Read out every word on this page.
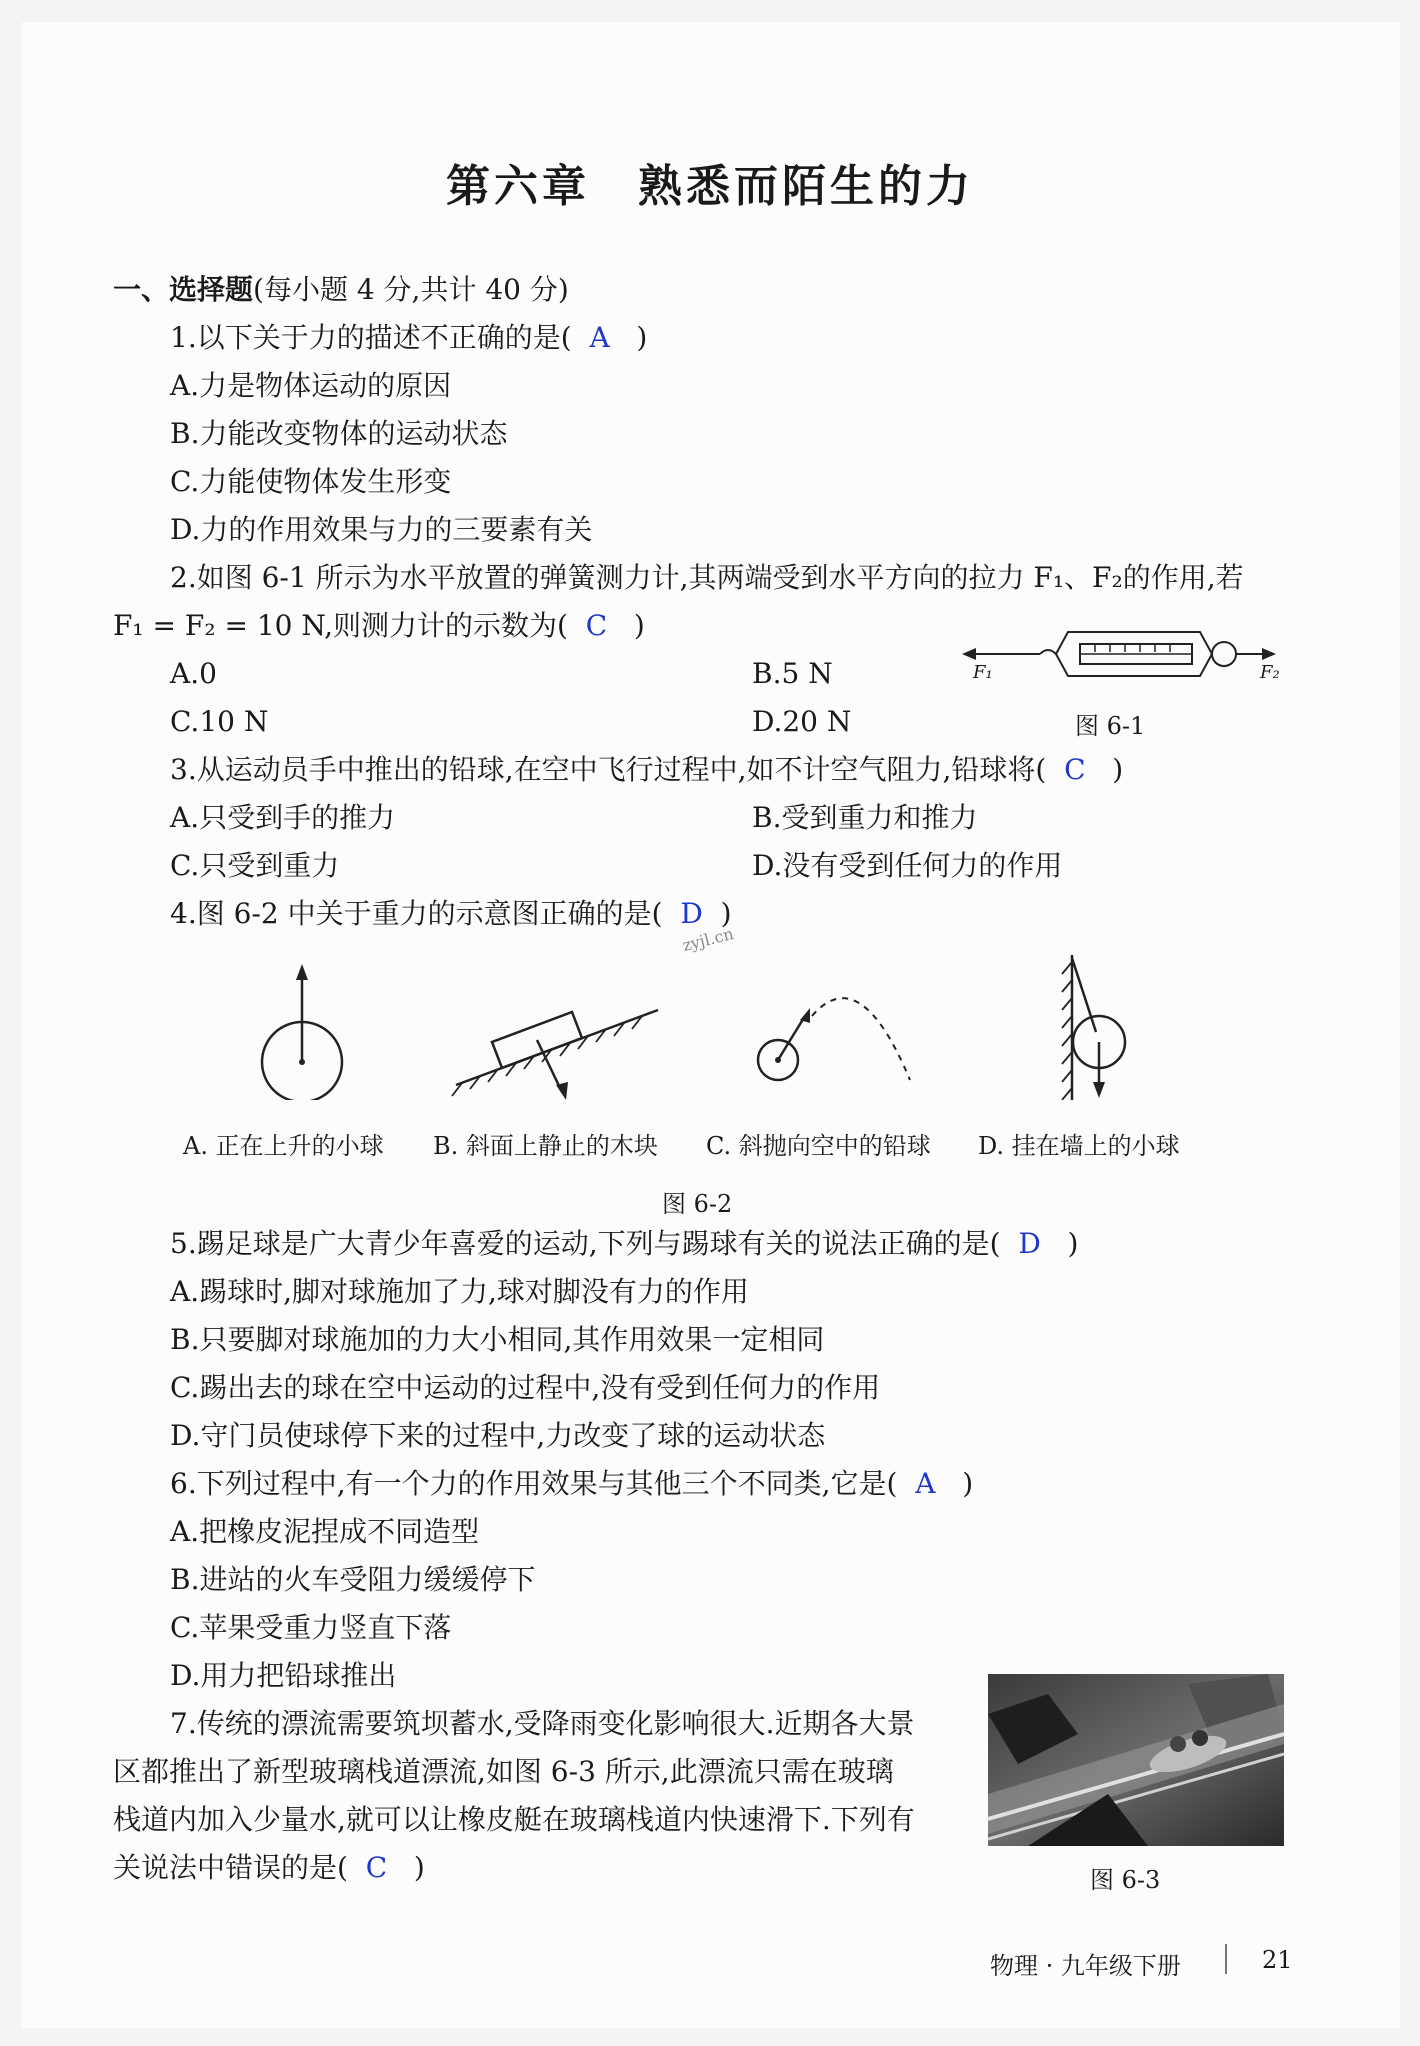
第六章　熟悉而陌生的力
一、选择题(每小题 4 分,共计 40 分)
1.以下关于力的描述不正确的是( A )
A.力是物体运动的原因
B.力能改变物体的运动状态
C.力能使物体发生形变
D.力的作用效果与力的三要素有关
2.如图 6-1 所示为水平放置的弹簧测力计,其两端受到水平方向的拉力 F₁、F₂的作用,若
F₁ = F₂ = 10 N,则测力计的示数为( C )
A.0	B.5 N
C.10 N	D.20 N
F₁	F₂
图 6-1
3.从运动员手中推出的铅球,在空中飞行过程中,如不计空气阻力,铅球将( C )
A.只受到手的推力	B.受到重力和推力
C.只受到重力	D.没有受到任何力的作用
4.图 6-2 中关于重力的示意图正确的是( D )
zyjl.cn
A. 正在上升的小球 B. 斜面上静止的木块 C. 斜抛向空中的铅球 D. 挂在墙上的小球
图 6-2
5.踢足球是广大青少年喜爱的运动,下列与踢球有关的说法正确的是( D )
A.踢球时,脚对球施加了力,球对脚没有力的作用
B.只要脚对球施加的力大小相同,其作用效果一定相同
C.踢出去的球在空中运动的过程中,没有受到任何力的作用
D.守门员使球停下来的过程中,力改变了球的运动状态
6.下列过程中,有一个力的作用效果与其他三个不同类,它是( A )
A.把橡皮泥捏成不同造型
B.进站的火车受阻力缓缓停下
C.苹果受重力竖直下落
D.用力把铅球推出
7.传统的漂流需要筑坝蓄水,受降雨变化影响很大.近期各大景
区都推出了新型玻璃栈道漂流,如图 6-3 所示,此漂流只需在玻璃
栈道内加入少量水,就可以让橡皮艇在玻璃栈道内快速滑下.下列有
关说法中错误的是( C )	图 6-3
物理 · 九年级下册	21
